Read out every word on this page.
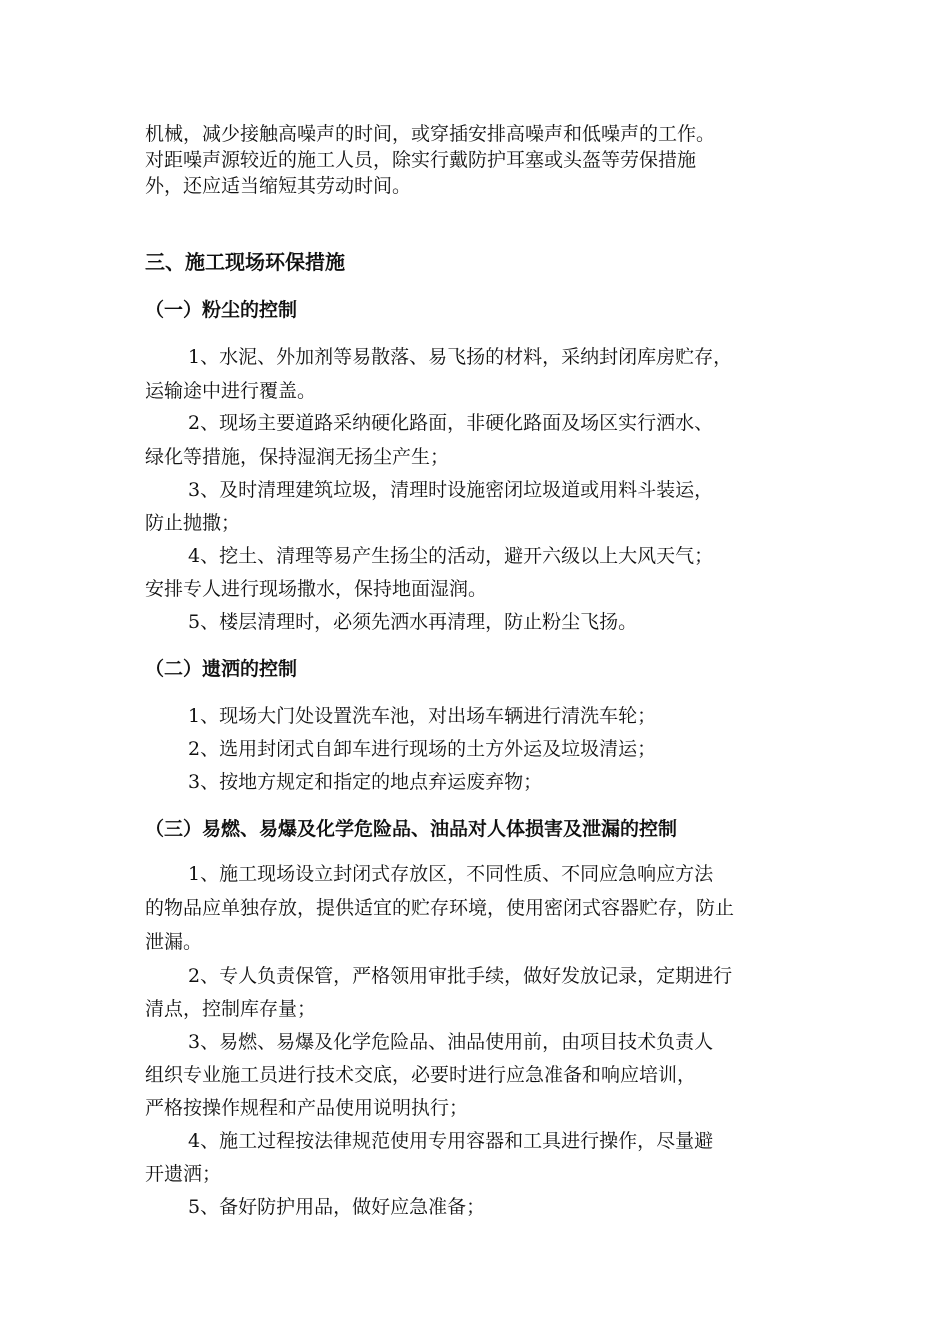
机械，减少接触高噪声的时间，或穿插安排高噪声和低噪声的工作。
对距噪声源较近的施工人员，除实行戴防护耳塞或头盔等劳保措施
外，还应适当缩短其劳动时间。
三、施工现场环保措施
（一）粉尘的控制
1、水泥、外加剂等易散落、易飞扬的材料，采纳封闭库房贮存，
运输途中进行覆盖。
2、现场主要道路采纳硬化路面，非硬化路面及场区实行洒水、
绿化等措施，保持湿润无扬尘产生；
3、及时清理建筑垃圾，清理时设施密闭垃圾道或用料斗装运，
防止抛撒；
4、挖土、清理等易产生扬尘的活动，避开六级以上大风天气；
安排专人进行现场撒水，保持地面湿润。
5、楼层清理时，必须先洒水再清理，防止粉尘飞扬。
（二）遗洒的控制
1、现场大门处设置洗车池，对出场车辆进行清洗车轮；
2、选用封闭式自卸车进行现场的土方外运及垃圾清运；
3、按地方规定和指定的地点弃运废弃物；
（三）易燃、易爆及化学危险品、油品对人体损害及泄漏的控制
1、施工现场设立封闭式存放区，不同性质、不同应急响应方法
的物品应单独存放，提供适宜的贮存环境，使用密闭式容器贮存，防止
泄漏。
2、专人负责保管，严格领用审批手续，做好发放记录，定期进行
清点，控制库存量；
3、易燃、易爆及化学危险品、油品使用前，由项目技术负责人
组织专业施工员进行技术交底，必要时进行应急准备和响应培训，
严格按操作规程和产品使用说明执行；
4、施工过程按法律规范使用专用容器和工具进行操作，尽量避
开遗洒；
5、备好防护用品，做好应急准备；
